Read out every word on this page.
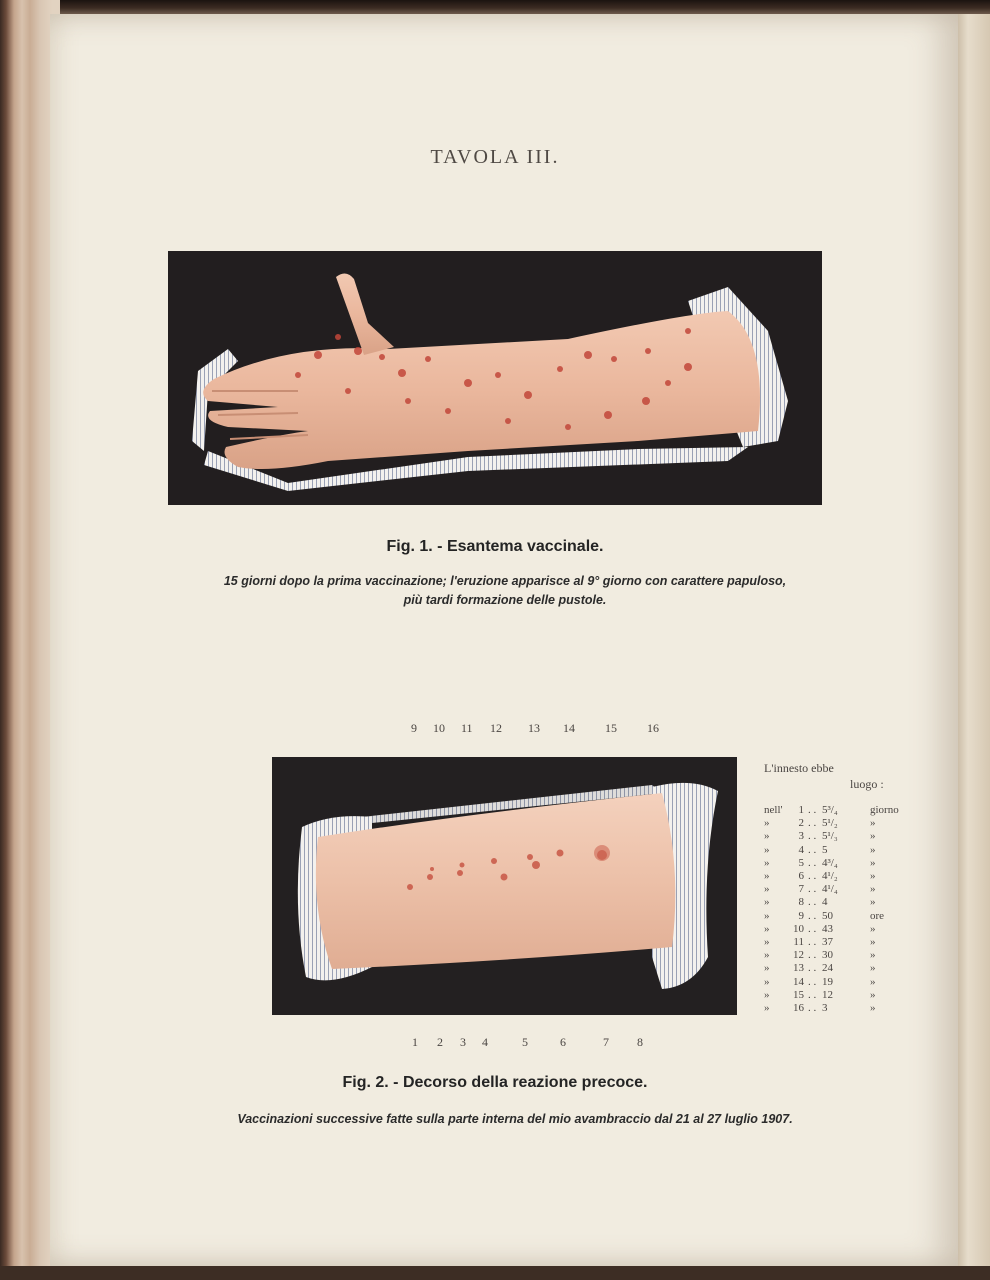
TAVOLA III.
Fig. 1. - Esantema vaccinale.
15 giorni dopo la prima vaccinazione; l'eruzione apparisce al 9° giorno con carattere papuloso,
più tardi formazione delle pustole.
9 10 11 12 13 14	15	16
1 2 3 4	5	6	7 8
L'innesto ebbe
luogo :
nell'	1 . . 5³/₄	giorno
»	2 . . 5¹/₂	»
»	3 . . 5¹/₃	»
»	4 . . 5	»
»	5 . . 4³/₄	»
»	6 . . 4¹/₂	»
»	7 . . 4¹/₄	»
»	8 . . 4	»
»	9 . . 50	ore
»	10 . . 43	»
»	11 . . 37	»
»	12 . . 30	»
»	13 . . 24	»
»	14 . . 19	»
»	15 . . 12	»
»	16 . . 3	»
Fig. 2. - Decorso della reazione precoce.
Vaccinazioni successive fatte sulla parte interna del mio avambraccio dal 21 al 27 luglio 1907.
